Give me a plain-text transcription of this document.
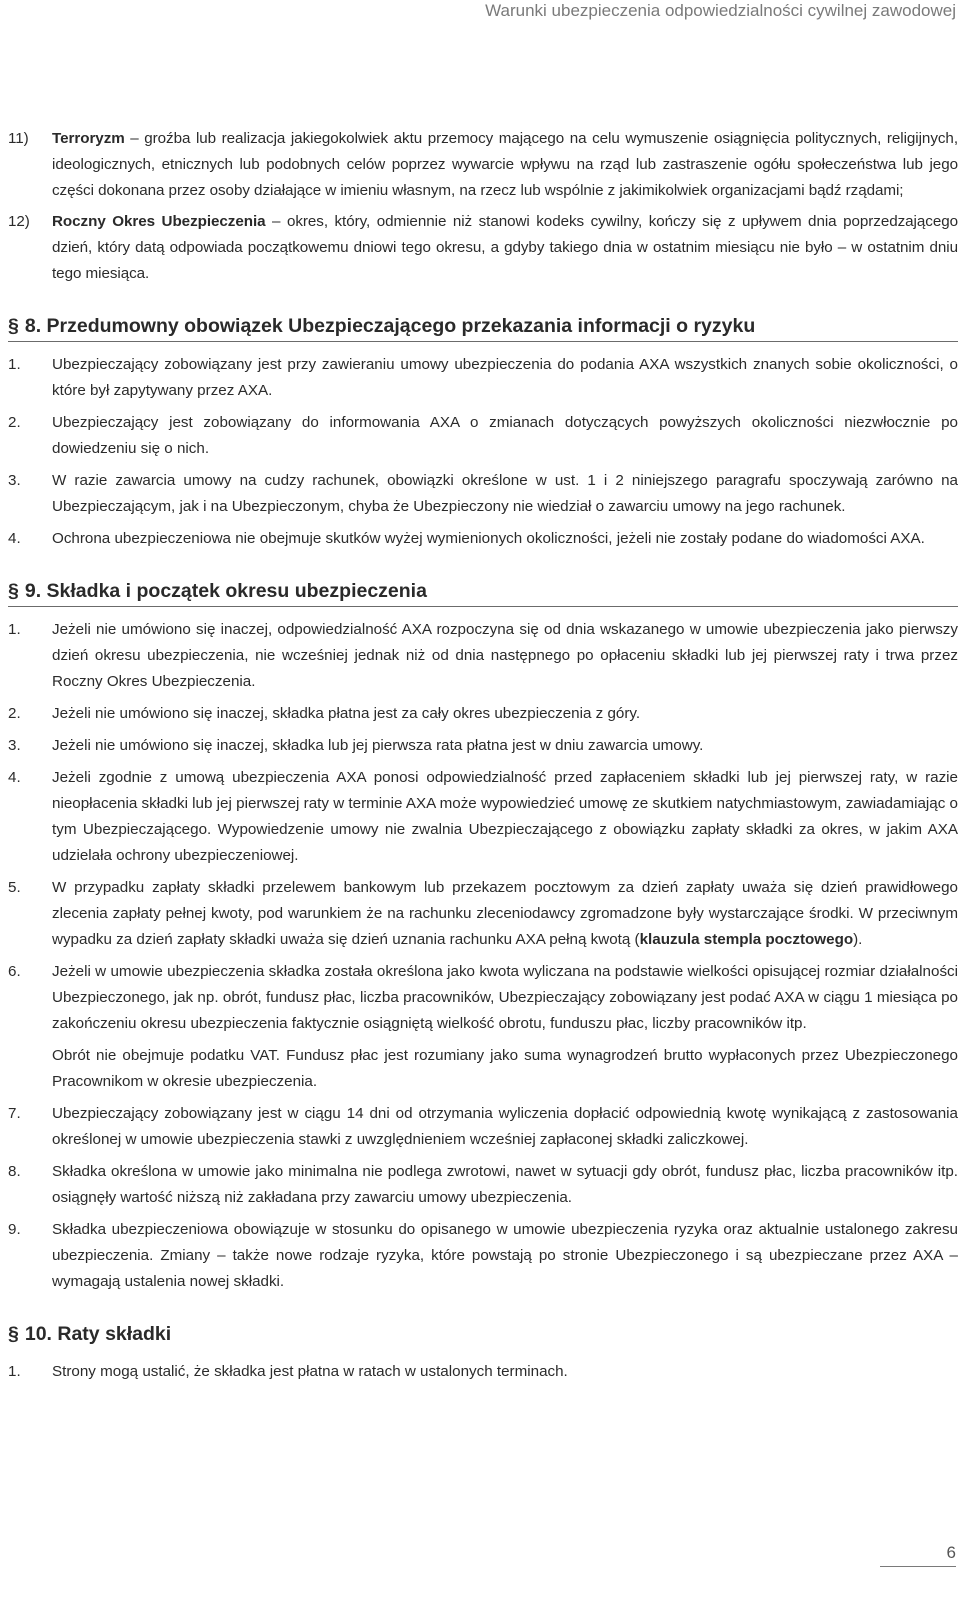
Warunki ubezpieczenia odpowiedzialności cywilnej zawodowej
11)	Terroryzm – groźba lub realizacja jakiegokolwiek aktu przemocy mającego na celu wymuszenie osiągnięcia politycznych, religijnych, ideologicznych, etnicznych lub podobnych celów poprzez wywarcie wpływu na rząd lub zastraszenie ogółu społeczeństwa lub jego części dokonana przez osoby działające w imieniu własnym, na rzecz lub wspólnie z jakimikolwiek organizacjami bądź rządami;
12)	Roczny Okres Ubezpieczenia – okres, który, odmiennie niż stanowi kodeks cywilny, kończy się z upływem dnia poprzedzającego dzień, który datą odpowiada początkowemu dniowi tego okresu, a gdyby takiego dnia w ostatnim miesiącu nie było – w ostatnim dniu tego miesiąca.
§ 8. Przedumowny obowiązek Ubezpieczającego przekazania informacji o ryzyku
1.	Ubezpieczający zobowiązany jest przy zawieraniu umowy ubezpieczenia do podania AXA wszystkich znanych sobie okoliczności, o które był zapytywany przez AXA.

2.	Ubezpieczający jest zobowiązany do informowania AXA o zmianach dotyczących powyższych okoliczności niezwłocznie po dowiedzeniu się o nich.

3.	W razie zawarcia umowy na cudzy rachunek, obowiązki określone w ust. 1 i 2 niniejszego paragrafu spoczywają zarówno na Ubezpieczającym, jak i na Ubezpieczonym, chyba że Ubezpieczony nie wiedział o zawarciu umowy na jego rachunek.

4.	Ochrona ubezpieczeniowa nie obejmuje skutków wyżej wymienionych okoliczności, jeżeli nie zostały podane do wiadomości AXA.

§ 9. Składka i początek okresu ubezpieczenia
1.	Jeżeli nie umówiono się inaczej, odpowiedzialność AXA rozpoczyna się od dnia wskazanego w umowie ubezpieczenia jako pierwszy dzień okresu ubezpieczenia, nie wcześniej jednak niż od dnia następnego po opłaceniu składki lub jej pierwszej raty i trwa przez Roczny Okres Ubezpieczenia.

2.	Jeżeli nie umówiono się inaczej, składka płatna jest za cały okres ubezpieczenia z góry.

3.	Jeżeli nie umówiono się inaczej, składka lub jej pierwsza rata płatna jest w dniu zawarcia umowy.

4.	Jeżeli zgodnie z umową ubezpieczenia AXA ponosi odpowiedzialność przed zapłaceniem składki lub jej pierwszej raty, w razie nieopłacenia składki lub jej pierwszej raty w terminie AXA może wypowiedzieć umowę ze skutkiem natychmiastowym, zawiadamiając o tym Ubezpieczającego. Wypowiedzenie umowy nie zwalnia Ubezpieczającego z obowiązku zapłaty składki za okres, w jakim AXA udzielała ochrony ubezpieczeniowej.

5.	W przypadku zapłaty składki przelewem bankowym lub przekazem pocztowym za dzień zapłaty uważa się dzień prawidłowego zlecenia zapłaty pełnej kwoty, pod warunkiem że na rachunku zleceniodawcy zgromadzone były wystarczające środki. W przeciwnym wypadku za dzień zapłaty składki uważa się dzień uznania rachunku AXA pełną kwotą (klauzula stempla pocztowego).

6.	Jeżeli w umowie ubezpieczenia składka została określona jako kwota wyliczana na podstawie wielkości opisującej rozmiar działalności Ubezpieczonego, jak np. obrót, fundusz płac, liczba pracowników, Ubezpieczający zobowiązany jest podać AXA w ciągu 1 miesiąca po zakończeniu okresu ubezpieczenia faktycznie osiągniętą wielkość obrotu, funduszu płac, liczby pracowników itp.

Obrót nie obejmuje podatku VAT. Fundusz płac jest rozumiany jako suma wynagrodzeń brutto wypłaconych przez Ubezpieczonego Pracownikom w okresie ubezpieczenia.

7.	Ubezpieczający zobowiązany jest w ciągu 14 dni od otrzymania wyliczenia dopłacić odpowiednią kwotę wynikającą z zastosowania określonej w umowie ubezpieczenia stawki z uwzględnieniem wcześniej zapłaconej składki zaliczkowej.

8.	Składka określona w umowie jako minimalna nie podlega zwrotowi, nawet w sytuacji gdy obrót, fundusz płac, liczba pracowników itp. osiągnęły wartość niższą niż zakładana przy zawarciu umowy ubezpieczenia.

9.	Składka ubezpieczeniowa obowiązuje w stosunku do opisanego w umowie ubezpieczenia ryzyka oraz aktualnie ustalonego zakresu ubezpieczenia. Zmiany – także nowe rodzaje ryzyka, które powstają po stronie Ubezpieczonego i są ubezpieczane przez AXA – wymagają ustalenia nowej składki.

§ 10. Raty składki
1.	Strony mogą ustalić, że składka jest płatna w ratach w ustalonych terminach.

6
